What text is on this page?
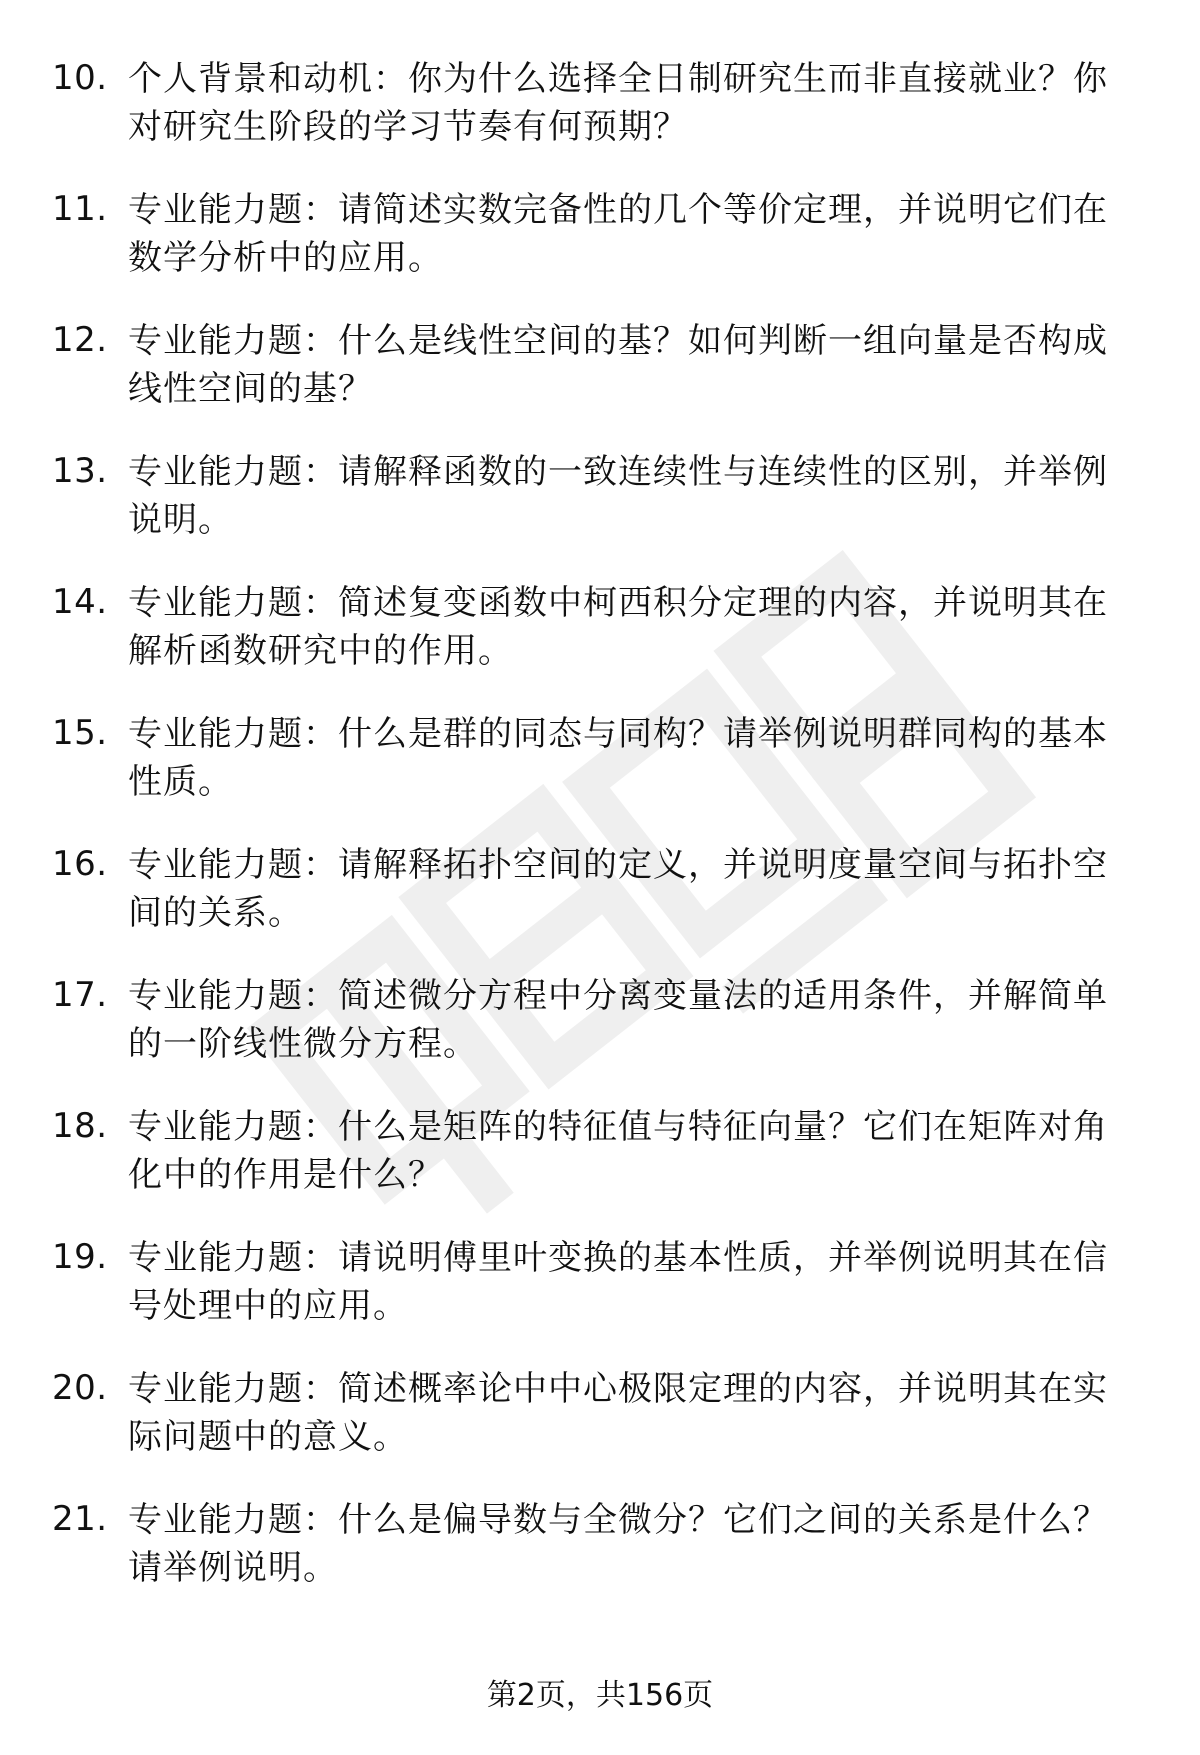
10. 个人背景和动机：你为什么选择全日制研究生而非直接就业？你对研究生阶段的学习节奏有何预期？
11. 专业能力题：请简述实数完备性的几个等价定理，并说明它们在数学分析中的应用。
12. 专业能力题：什么是线性空间的基？如何判断一组向量是否构成线性空间的基？
13. 专业能力题：请解释函数的一致连续性与连续性的区别，并举例说明。
14. 专业能力题：简述复变函数中柯西积分定理的内容，并说明其在解析函数研究中的作用。
15. 专业能力题：什么是群的同态与同构？请举例说明群同构的基本性质。
16. 专业能力题：请解释拓扑空间的定义，并说明度量空间与拓扑空间的关系。
17. 专业能力题：简述微分方程中分离变量法的适用条件，并解简单的一阶线性微分方程。
18. 专业能力题：什么是矩阵的特征值与特征向量？它们在矩阵对角化中的作用是什么？
19. 专业能力题：请说明傅里叶变换的基本性质，并举例说明其在信号处理中的应用。
20. 专业能力题：简述概率论中中心极限定理的内容，并说明其在实际问题中的意义。
21. 专业能力题：什么是偏导数与全微分？它们之间的关系是什么？请举例说明。
第2页，共156页
